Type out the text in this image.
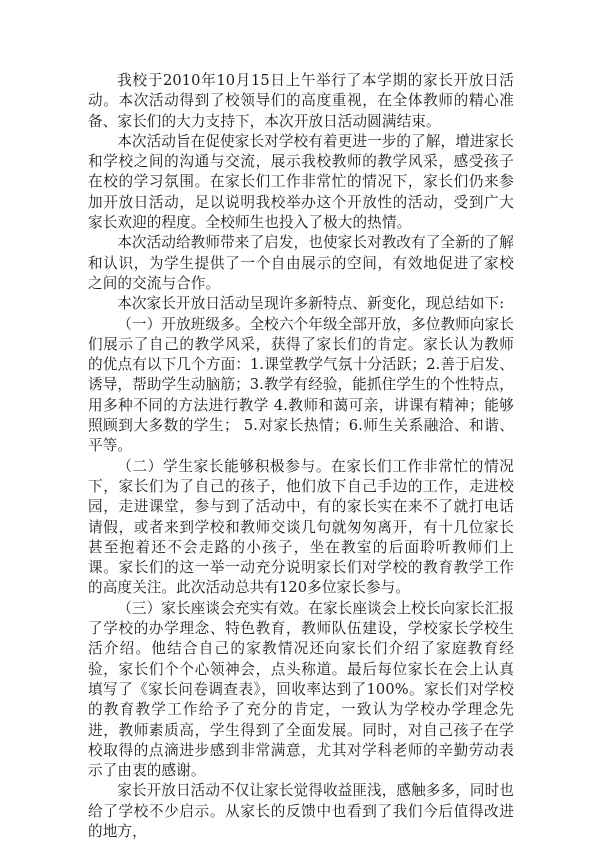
我校于2010年10月15日上午举行了本学期的家长开放日活动。本次活动得到了校领导们的高度重视，在全体教师的精心准备、家长们的大力支持下，本次开放日活动圆满结束。

本次活动旨在促使家长对学校有着更进一步的了解，增进家长和学校之间的沟通与交流，展示我校教师的教学风采，感受孩子在校的学习氛围。在家长们工作非常忙的情况下，家长们仍来参加开放日活动，足以说明我校举办这个开放性的活动，受到广大家长欢迎的程度。全校师生也投入了极大的热情。

本次活动给教师带来了启发，也使家长对教改有了全新的了解和认识，为学生提供了一个自由展示的空间，有效地促进了家校之间的交流与合作。

本次家长开放日活动呈现许多新特点、新变化，现总结如下:

（一）开放班级多。全校六个年级全部开放，多位教师向家长们展示了自己的教学风采，获得了家长们的肯定。家长认为教师的优点有以下几个方面：1.课堂教学气氛十分活跃；2.善于启发、诱导，帮助学生动脑筋；3.教学有经验，能抓住学生的个性特点，用多种不同的方法进行教学 4.教师和蔼可亲，讲课有精神；能够照顾到大多数的学生； 5.对家长热情；6.师生关系融洽、和谐、平等。

（二）学生家长能够积极参与。在家长们工作非常忙的情况下，家长们为了自己的孩子，他们放下自己手边的工作，走进校园，走进课堂，参与到了活动中，有的家长实在来不了就打电话请假，或者来到学校和教师交谈几句就匆匆离开，有十几位家长甚至抱着还不会走路的小孩子，坐在教室的后面聆听教师们上课。家长们的这一举一动充分说明家长们对学校的教育教学工作的高度关注。此次活动总共有120多位家长参与。

（三）家长座谈会充实有效。在家长座谈会上校长向家长汇报了学校的办学理念、特色教育，教师队伍建设，学校家长学校生活介绍。他结合自己的家教情况还向家长们介绍了家庭教育经验，家长们个个心领神会，点头称道。最后每位家长在会上认真填写了《家长问卷调查表》，回收率达到了100%。家长们对学校的教育教学工作给予了充分的肯定，一致认为学校办学理念先进，教师素质高，学生得到了全面发展。同时，对自己孩子在学校取得的点滴进步感到非常满意，尤其对学科老师的辛勤劳动表示了由衷的感谢。

家长开放日活动不仅让家长觉得收益匪浅，感触多多，同时也给了学校不少启示。从家长的反馈中也看到了我们今后值得改进的地方，
